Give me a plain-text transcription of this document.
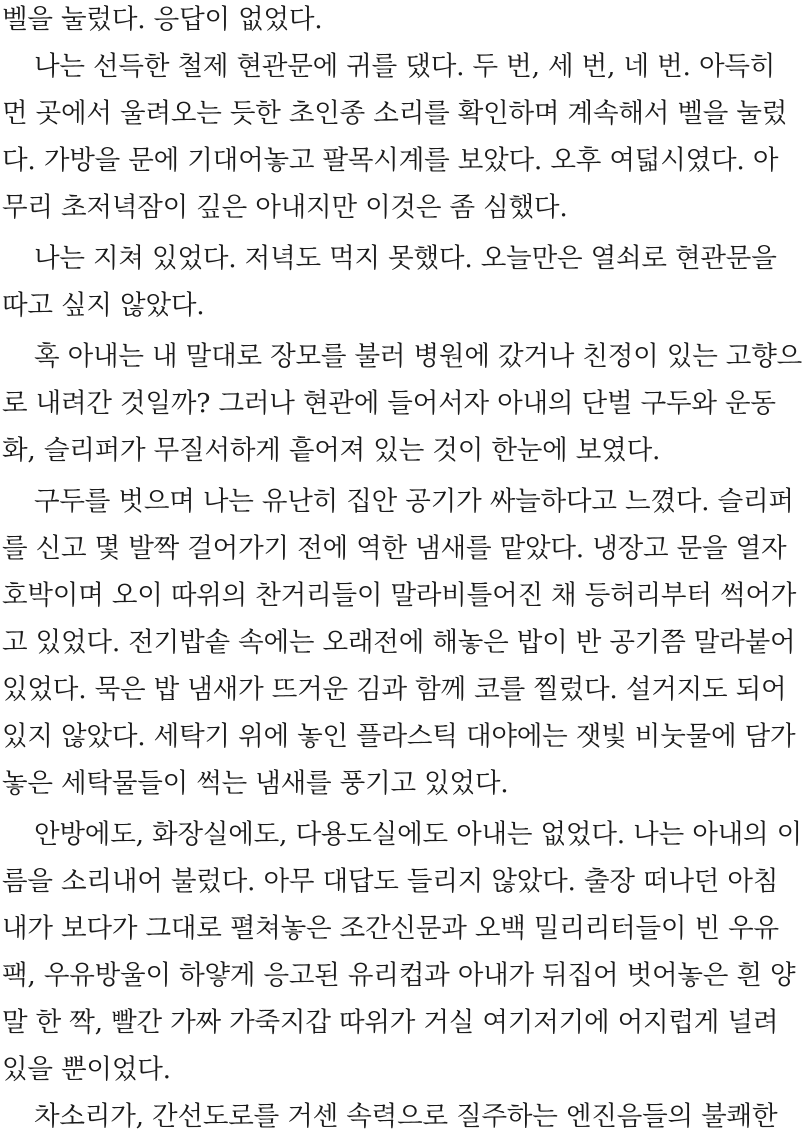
벨을 눌렀다. 응답이 없었다.

나는 선득한 철제 현관문에 귀를 댔다. 두 번, 세 번, 네 번. 아득히

먼 곳에서 울려오는 듯한 초인종 소리를 확인하며 계속해서 벨을 눌렀

다. 가방을 문에 기대어놓고 팔목시계를 보았다. 오후 여덟시였다. 아

무리 초저녁잠이 깊은 아내지만 이것은 좀 심했다.

나는 지쳐 있었다. 저녁도 먹지 못했다. 오늘만은 열쇠로 현관문을

따고 싶지 않았다.

혹 아내는 내 말대로 장모를 불러 병원에 갔거나 친정이 있는 고향으

로 내려간 것일까? 그러나 현관에 들어서자 아내의 단벌 구두와 운동

화, 슬리퍼가 무질서하게 흩어져 있는 것이 한눈에 보였다.

구두를 벗으며 나는 유난히 집안 공기가 싸늘하다고 느꼈다. 슬리퍼

를 신고 몇 발짝 걸어가기 전에 역한 냄새를 맡았다. 냉장고 문을 열자

호박이며 오이 따위의 찬거리들이 말라비틀어진 채 등허리부터 썩어가

고 있었다. 전기밥솥 속에는 오래전에 해놓은 밥이 반 공기쯤 말라붙어

있었다. 묵은 밥 냄새가 뜨거운 김과 함께 코를 찔렀다. 설거지도 되어

있지 않았다. 세탁기 위에 놓인 플라스틱 대야에는 잿빛 비눗물에 담가

놓은 세탁물들이 썩는 냄새를 풍기고 있었다.

안방에도, 화장실에도, 다용도실에도 아내는 없었다. 나는 아내의 이

름을 소리내어 불렀다. 아무 대답도 들리지 않았다. 출장 떠나던 아침

내가 보다가 그대로 펼쳐놓은 조간신문과 오백 밀리리터들이 빈 우유

팩, 우유방울이 하얗게 응고된 유리컵과 아내가 뒤집어 벗어놓은 흰 양

말 한 짝, 빨간 가짜 가죽지갑 따위가 거실 여기저기에 어지럽게 널려

있을 뿐이었다.

차소리가, 간선도로를 거센 속력으로 질주하는 엔진음들의 불쾌한
